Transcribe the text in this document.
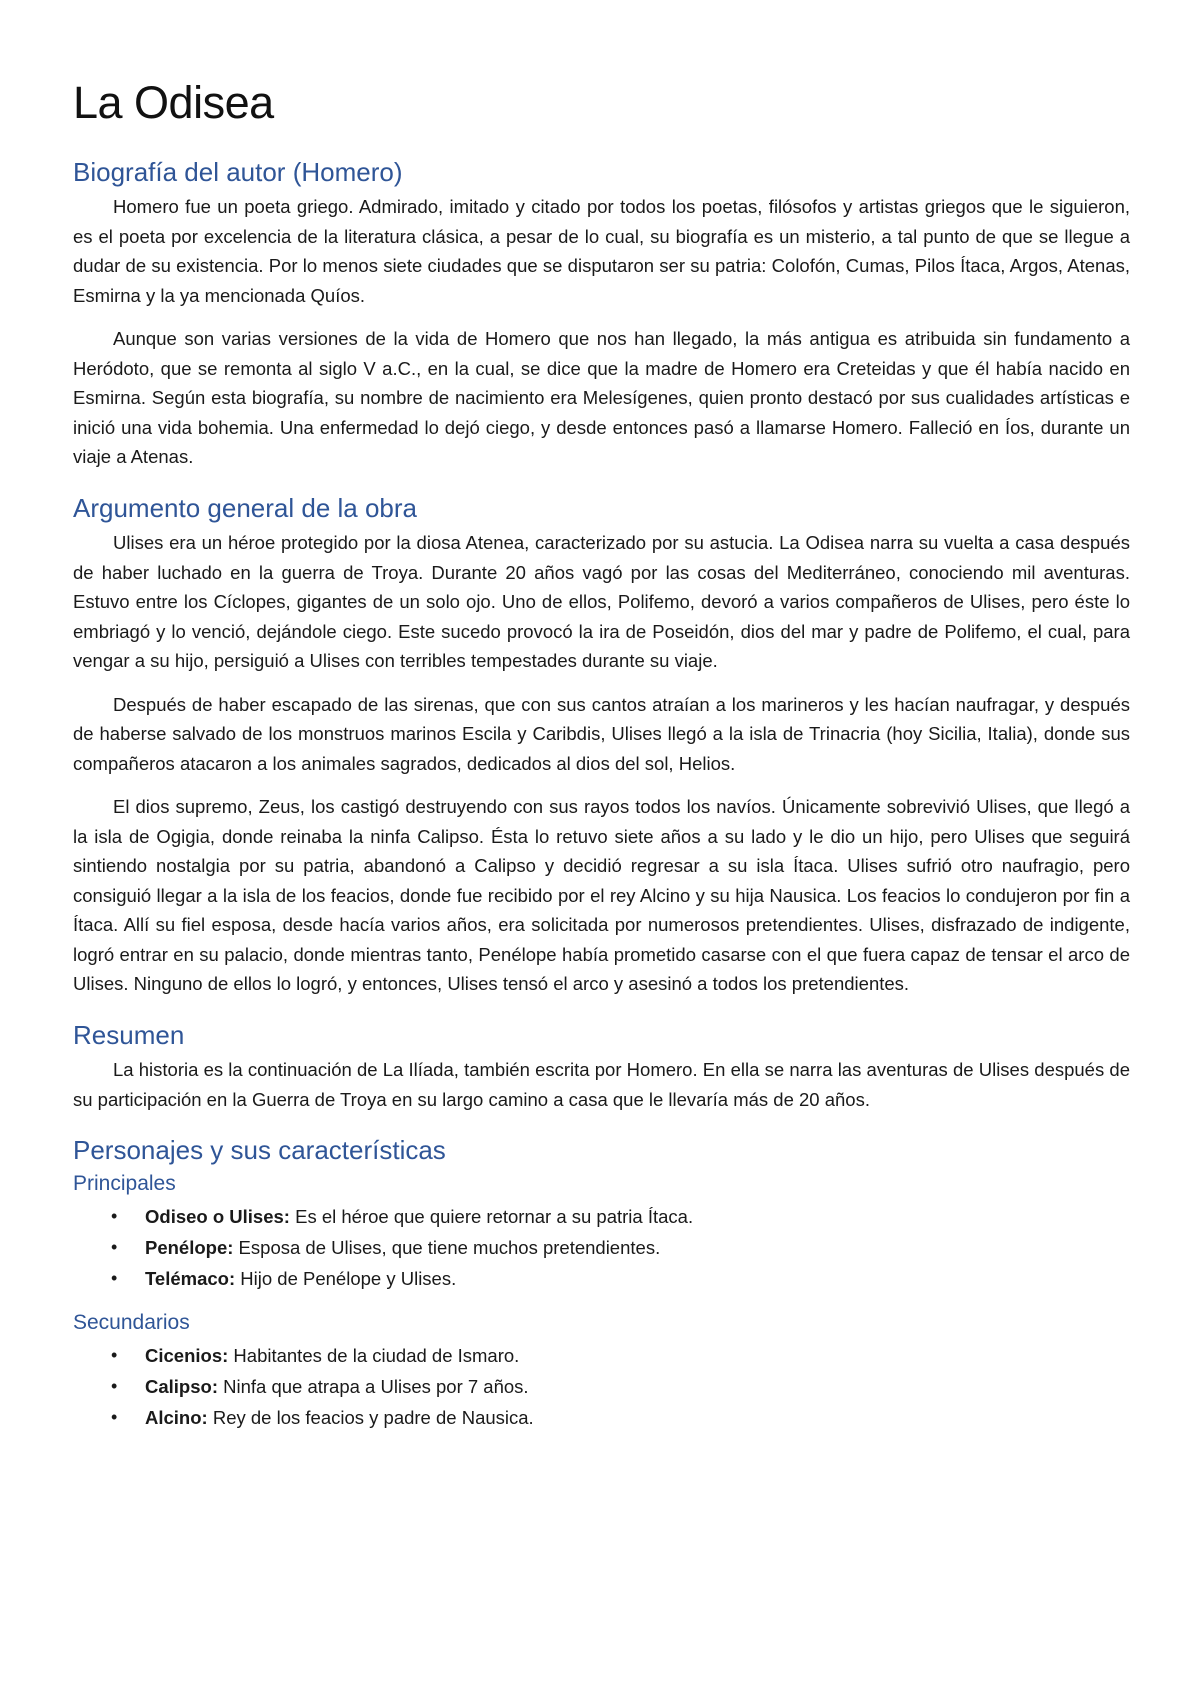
La Odisea
Biografía del autor (Homero)

Homero fue un poeta griego. Admirado, imitado y citado por todos los poetas, filósofos y artistas griegos que le siguieron, es el poeta por excelencia de la literatura clásica, a pesar de lo cual, su biografía es un misterio, a tal punto de que se llegue a dudar de su existencia. Por lo menos siete ciudades que se disputaron ser su patria: Colofón, Cumas, Pilos Ítaca, Argos, Atenas, Esmirna y la ya mencionada Quíos.

Aunque son varias versiones de la vida de Homero que nos han llegado, la más antigua es atribuida sin fundamento a Heródoto, que se remonta al siglo V a.C., en la cual, se dice que la madre de Homero era Creteidas y que él había nacido en Esmirna. Según esta biografía, su nombre de nacimiento era Melesígenes, quien pronto destacó por sus cualidades artísticas e inició una vida bohemia. Una enfermedad lo dejó ciego, y desde entonces pasó a llamarse Homero. Falleció en Íos, durante un viaje a Atenas.

Argumento general de la obra

Ulises era un héroe protegido por la diosa Atenea, caracterizado por su astucia. La Odisea narra su vuelta a casa después de haber luchado en la guerra de Troya. Durante 20 años vagó por las cosas del Mediterráneo, conociendo mil aventuras. Estuvo entre los Cíclopes, gigantes de un solo ojo. Uno de ellos, Polifemo, devoró a varios compañeros de Ulises, pero éste lo embriagó y lo venció, dejándole ciego. Este sucedo provocó la ira de Poseidón, dios del mar y padre de Polifemo, el cual, para vengar a su hijo, persiguió a Ulises con terribles tempestades durante su viaje.

Después de haber escapado de las sirenas, que con sus cantos atraían a los marineros y les hacían naufragar, y después de haberse salvado de los monstruos marinos Escila y Caribdis, Ulises llegó a la isla de Trinacria (hoy Sicilia, Italia), donde sus compañeros atacaron a los animales sagrados, dedicados al dios del sol, Helios.

El dios supremo, Zeus, los castigó destruyendo con sus rayos todos los navíos. Únicamente sobrevivió Ulises, que llegó a la isla de Ogigia, donde reinaba la ninfa Calipso. Ésta lo retuvo siete años a su lado y le dio un hijo, pero Ulises que seguirá sintiendo nostalgia por su patria, abandonó a Calipso y decidió regresar a su isla Ítaca. Ulises sufrió otro naufragio, pero consiguió llegar a la isla de los feacios, donde fue recibido por el rey Alcino y su hija Nausica. Los feacios lo condujeron por fin a Ítaca. Allí su fiel esposa, desde hacía varios años, era solicitada por numerosos pretendientes. Ulises, disfrazado de indigente, logró entrar en su palacio, donde mientras tanto, Penélope había prometido casarse con el que fuera capaz de tensar el arco de Ulises. Ninguno de ellos lo logró, y entonces, Ulises tensó el arco y asesinó a todos los pretendientes.

Resumen

La historia es la continuación de La Ilíada, también escrita por Homero. En ella se narra las aventuras de Ulises después de su participación en la Guerra de Troya en su largo camino a casa que le llevaría más de 20 años.

Personajes y sus características
Principales
• Odiseo o Ulises: Es el héroe que quiere retornar a su patria Ítaca.
• Penélope: Esposa de Ulises, que tiene muchos pretendientes.
• Telémaco: Hijo de Penélope y Ulises.
Secundarios
• Cicenios: Habitantes de la ciudad de Ismaro.
• Calipso: Ninfa que atrapa a Ulises por 7 años.
• Alcino: Rey de los feacios y padre de Nausica.
